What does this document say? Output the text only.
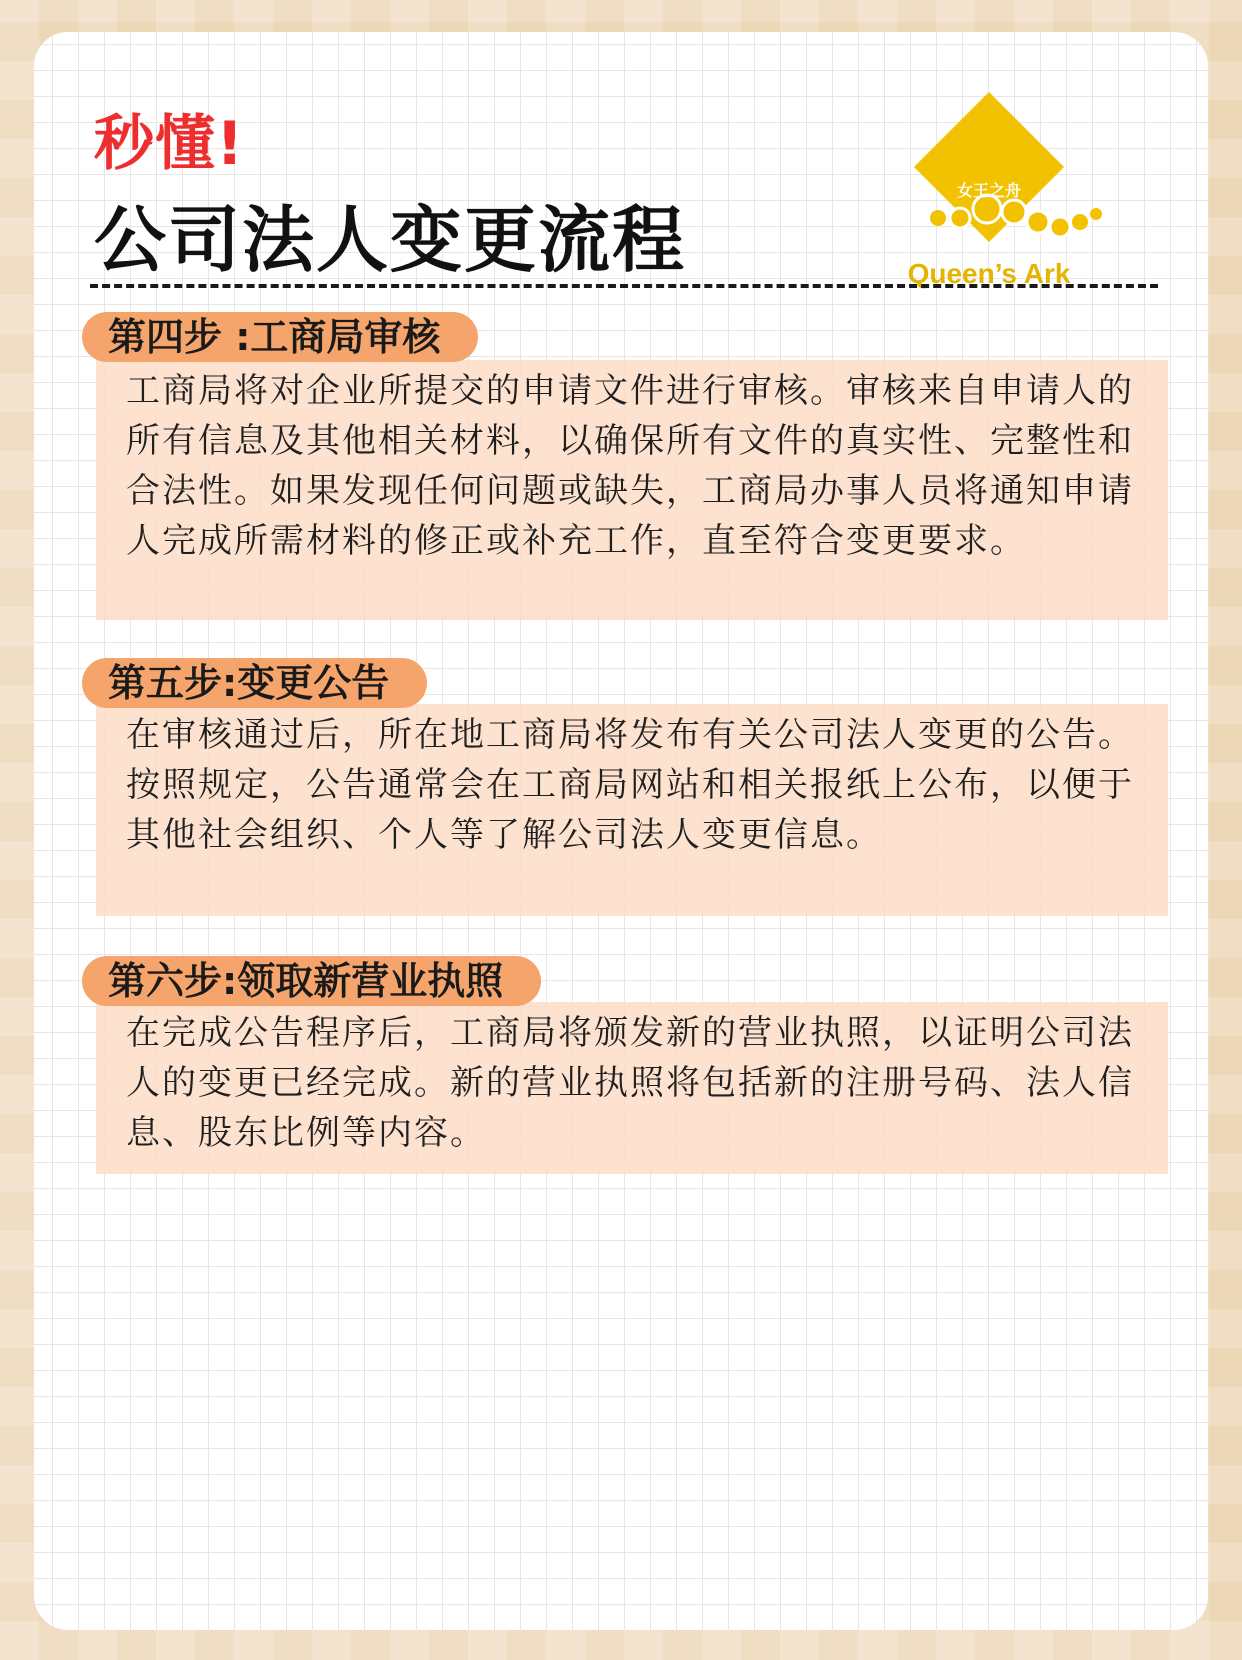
秒懂!
公司法人变更流程
女王之舟
Queen’s Ark
工商局将对企业所提交的申请文件进行审核。审核来自申请人的所有信息及其他相关材料，以确保所有文件的真实性、完整性和合法性。如果发现任何问题或缺失，工商局办事人员将通知申请人完成所需材料的修正或补充工作，直至符合变更要求。
第四步 :工商局审核
在审核通过后，所在地工商局将发布有关公司法人变更的公告。按照规定，公告通常会在工商局网站和相关报纸上公布，以便于其他社会组织、个人等了解公司法人变更信息。
第五步:变更公告
在完成公告程序后，工商局将颁发新的营业执照，以证明公司法人的变更已经完成。新的营业执照将包括新的注册号码、法人信息、股东比例等内容。
第六步:领取新营业执照
